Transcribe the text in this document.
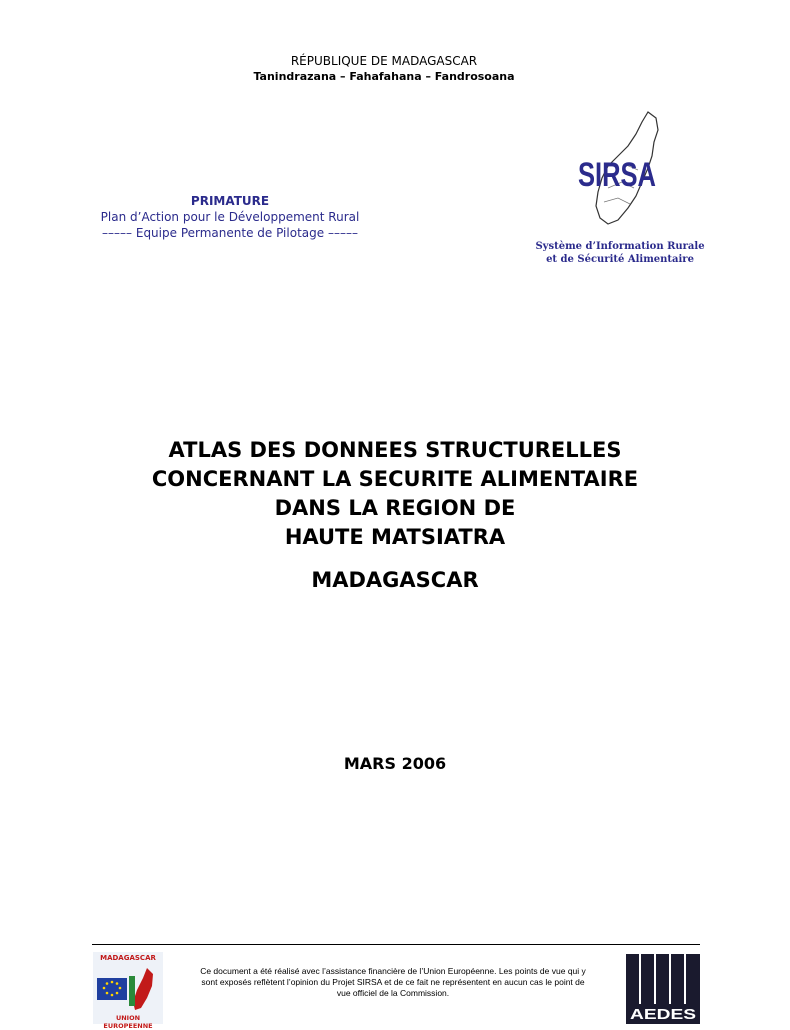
RÉPUBLIQUE DE MADAGASCAR
Tanindrazana – Fahafahana – Fandrosoana
PRIMATURE
Plan d’Action pour le Développement Rural
––––– Equipe Permanente de Pilotage –––––
SIRSA
Système d’Information Rurale
et de Sécurité Alimentaire
ATLAS DES DONNEES STRUCTURELLES
CONCERNANT LA SECURITE ALIMENTAIRE
DANS LA REGION DE
HAUTE MATSIATRA
MADAGASCAR
MARS 2006
MADAGASCAR
UNION EUROPEENNE
Ce document a été réalisé avec l’assistance financière de l’Union Européenne. Les points de vue qui y
sont exposés reflètent l’opinion du Projet SIRSA et de ce fait ne représentent en aucun cas le point de
vue officiel de la Commission.
AEDES
